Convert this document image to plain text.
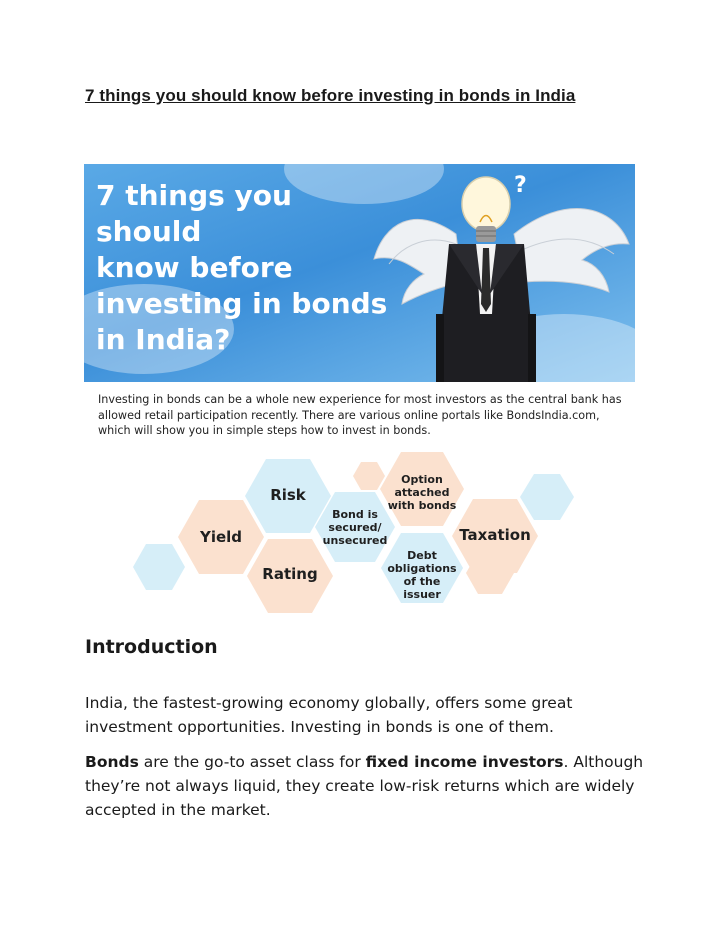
7 things you should know before investing in bonds in India

7 things you should
know before
investing in bonds
in India?

?

Investing in bonds can be a whole new experience for most investors as the central bank has allowed retail participation recently. There are various online portals like BondsIndia.com, which will show you in simple steps how to invest in bonds.

Risk
Yield
Rating
Bond is
secured/
unsecured
Option
attached
with bonds
Debt
obligations
of the issuer
Taxation
Introduction

India, the fastest-growing economy globally, offers some great investment opportunities. Investing in bonds is one of them.

Bonds are the go-to asset class for fixed income investors. Although they’re not always liquid, they create low-risk returns which are widely accepted in the market.
